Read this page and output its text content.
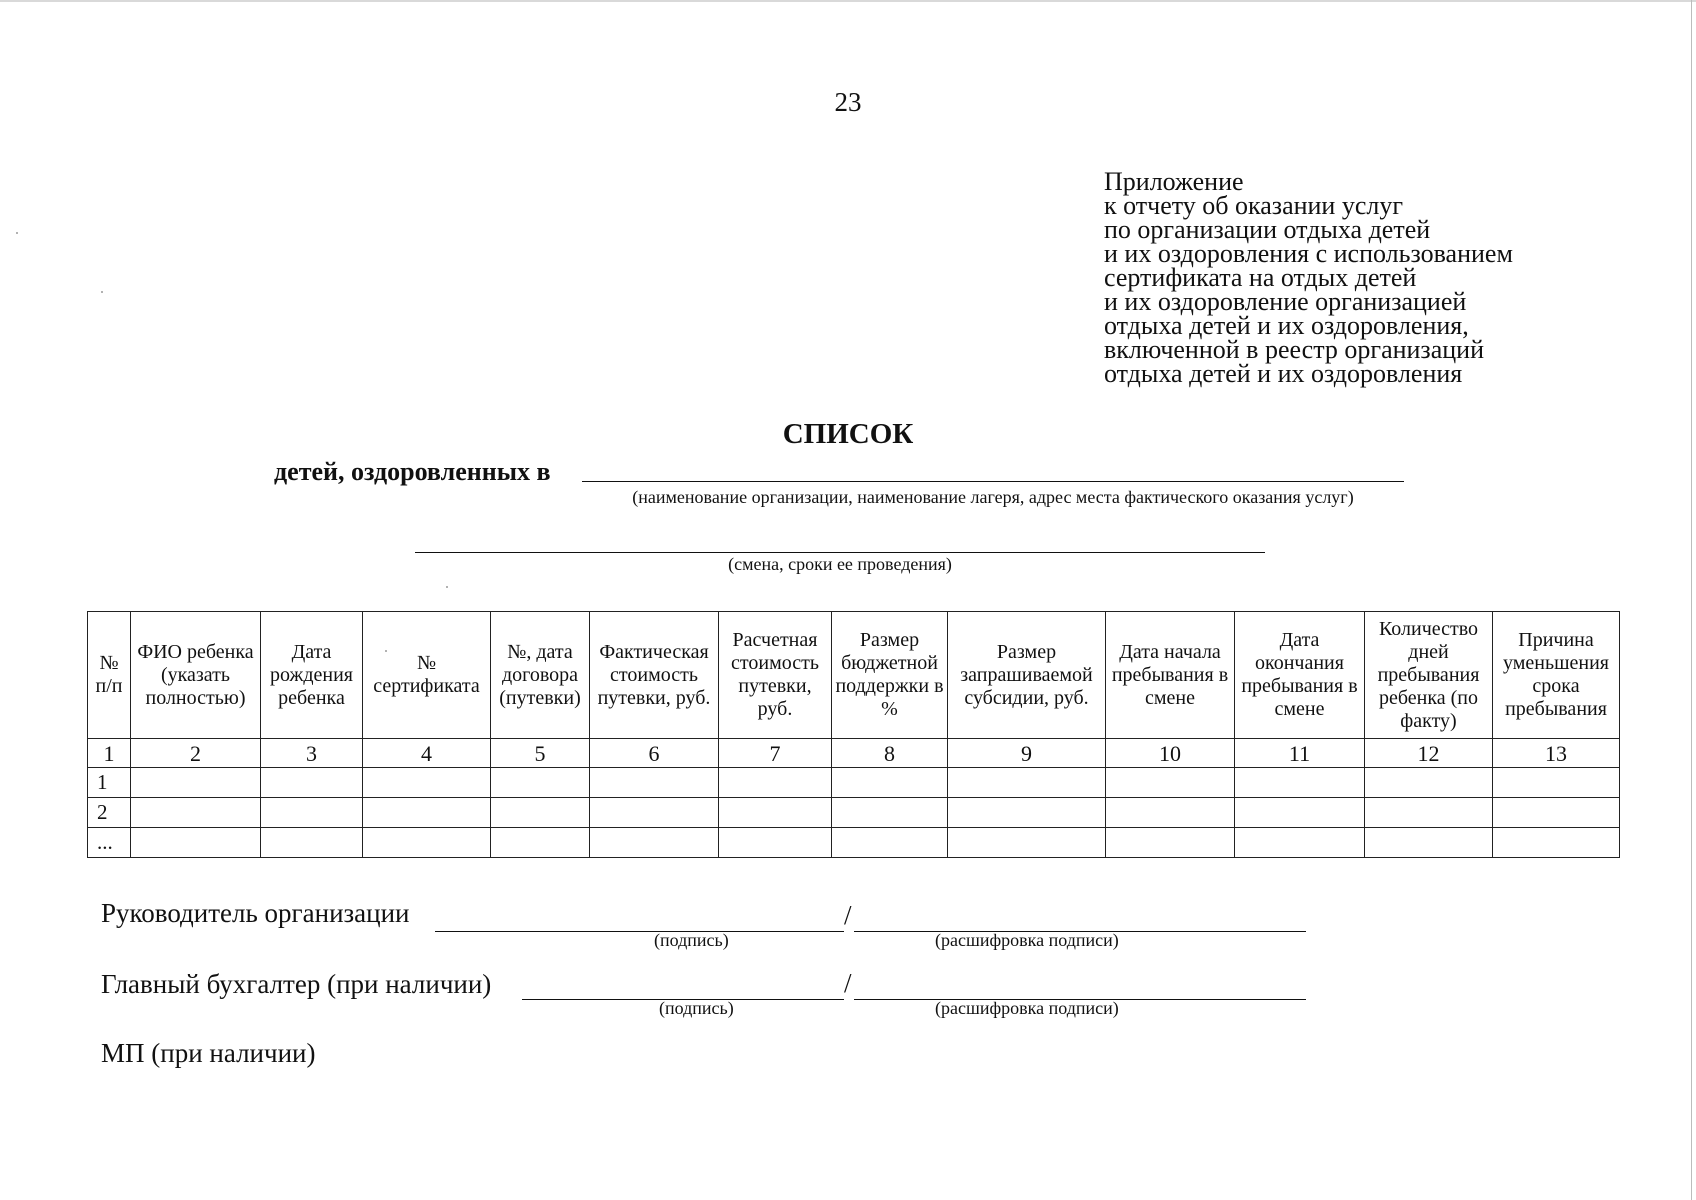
23
Приложение
к отчету об оказании услуг
по организации отдыха детей
и их оздоровления с использованием
сертификата на отдых детей
и их оздоровление организацией
отдыха детей и их оздоровления,
включенной в реестр организаций
отдыха детей и их оздоровления
СПИСОК
детей, оздоровленных в
(наименование организации, наименование лагеря, адрес места фактического оказания услуг)
(смена, сроки ее проведения)
№ п/п	ФИО ребенка (указать полностью)	Дата рождения ребенка	№ сертификата	№, дата договора (путевки)	Фактическая стоимость путевки, руб.	Расчетная стоимость путевки, руб.	Размер бюджетной поддержки в %	Размер запрашиваемой субсидии, руб.	Дата начала пребывания в смене	Дата окончания пребывания в смене	Количество дней пребывания ребенка (по факту)	Причина уменьшения срока пребывания
1	2	3	4	5	6	7	8	9	10	11	12	13
1												
2												
...												
Руководитель организации	/
(подпись)	(расшифровка подписи)
Главный бухгалтер (при наличии)	/
(подпись)	(расшифровка подписи)
МП (при наличии)
